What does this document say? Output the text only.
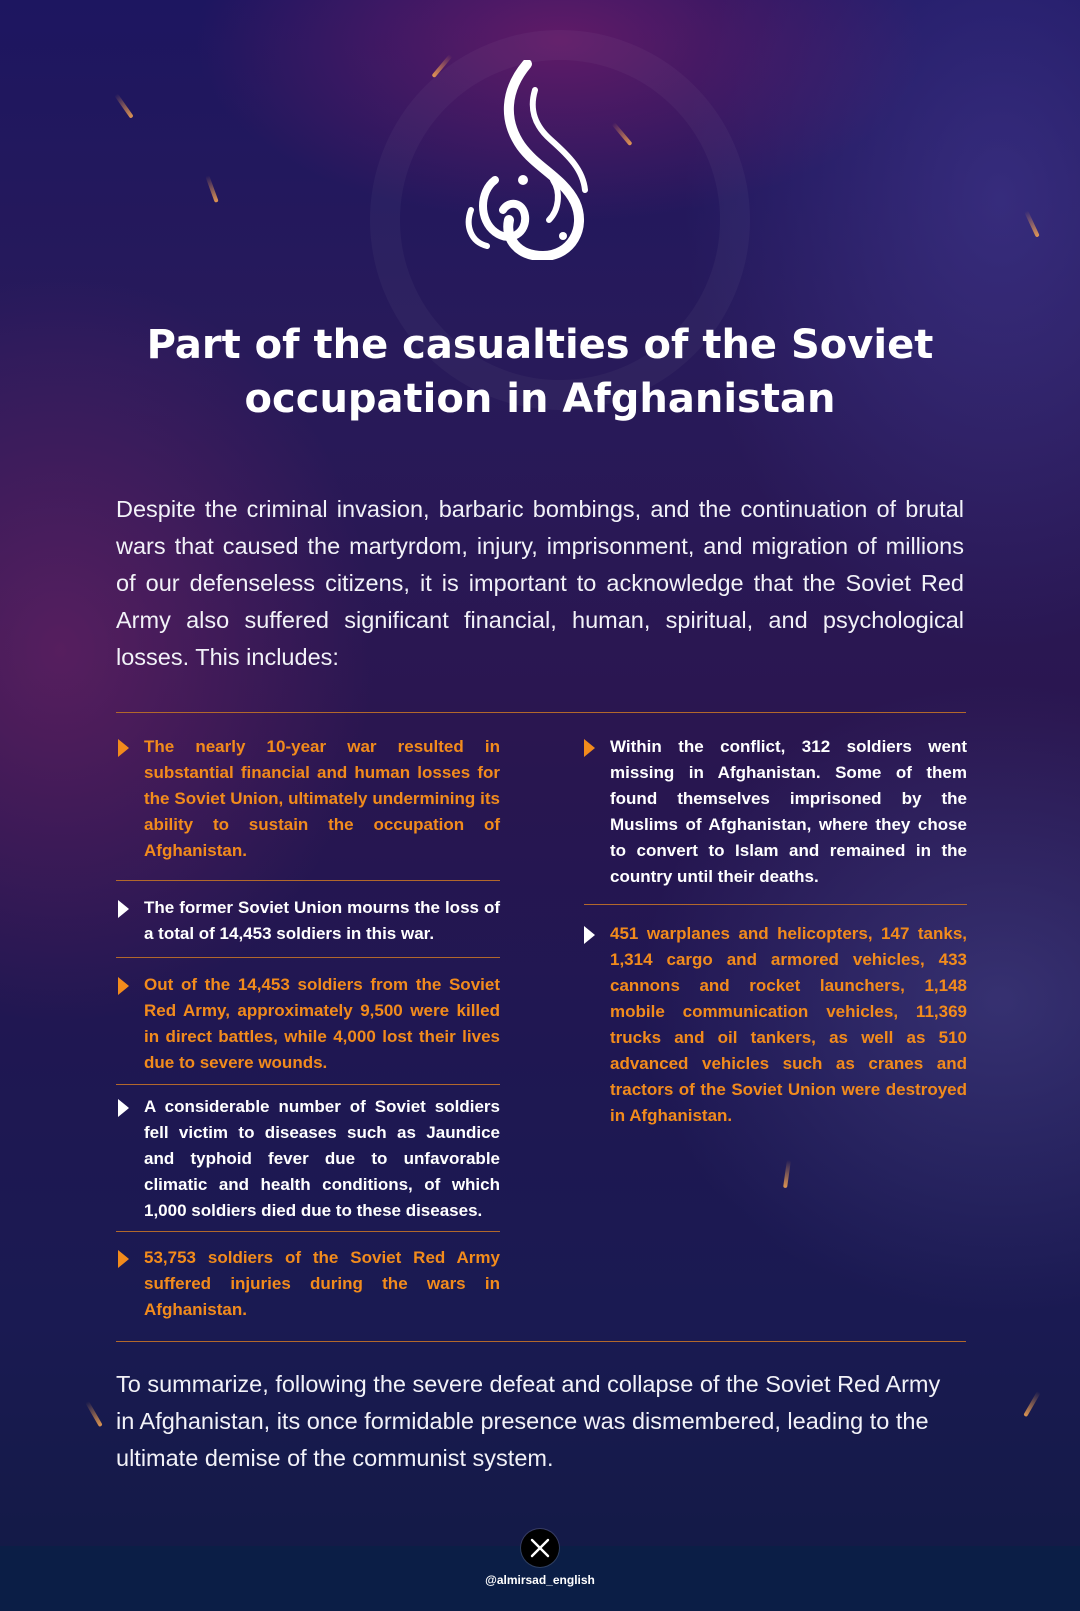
Part of the casualties of the Soviet occupation in Afghanistan

Despite the criminal invasion, barbaric bombings, and the continuation of brutal wars that caused the martyrdom, injury, imprisonment, and migration of millions of our defenseless citizens, it is important to acknowledge that the Soviet Red Army also suffered significant financial, human, spiritual, and psychological losses. This includes:

The nearly 10-year war resulted in substantial financial and human losses for the Soviet Union, ultimately undermining its ability to sustain the occupation of Afghanistan.

The former Soviet Union mourns the loss of a total of 14,453 soldiers in this war.

Out of the 14,453 soldiers from the Soviet Red Army, approximately 9,500 were killed in direct battles, while 4,000 lost their lives due to severe wounds.

A considerable number of Soviet soldiers fell victim to diseases such as Jaundice and typhoid fever due to unfavorable climatic and health conditions, of which 1,000 soldiers died due to these diseases.

53,753 soldiers of the Soviet Red Army suffered injuries during the wars in Afghanistan.

Within the conflict, 312 soldiers went missing in Afghanistan. Some of them found themselves imprisoned by the Muslims of Afghanistan, where they chose to convert to Islam and remained in the country until their deaths.

451 warplanes and helicopters, 147 tanks, 1,314 cargo and armored vehicles, 433 cannons and rocket launchers, 1,148 mobile communication vehicles, 11,369 trucks and oil tankers, as well as 510 advanced vehicles such as cranes and tractors of the Soviet Union were destroyed in Afghanistan.

To summarize, following the severe defeat and collapse of the Soviet Red Army in Afghanistan, its once formidable presence was dismembered, leading to the ultimate demise of the communist system.

@almirsad_english
